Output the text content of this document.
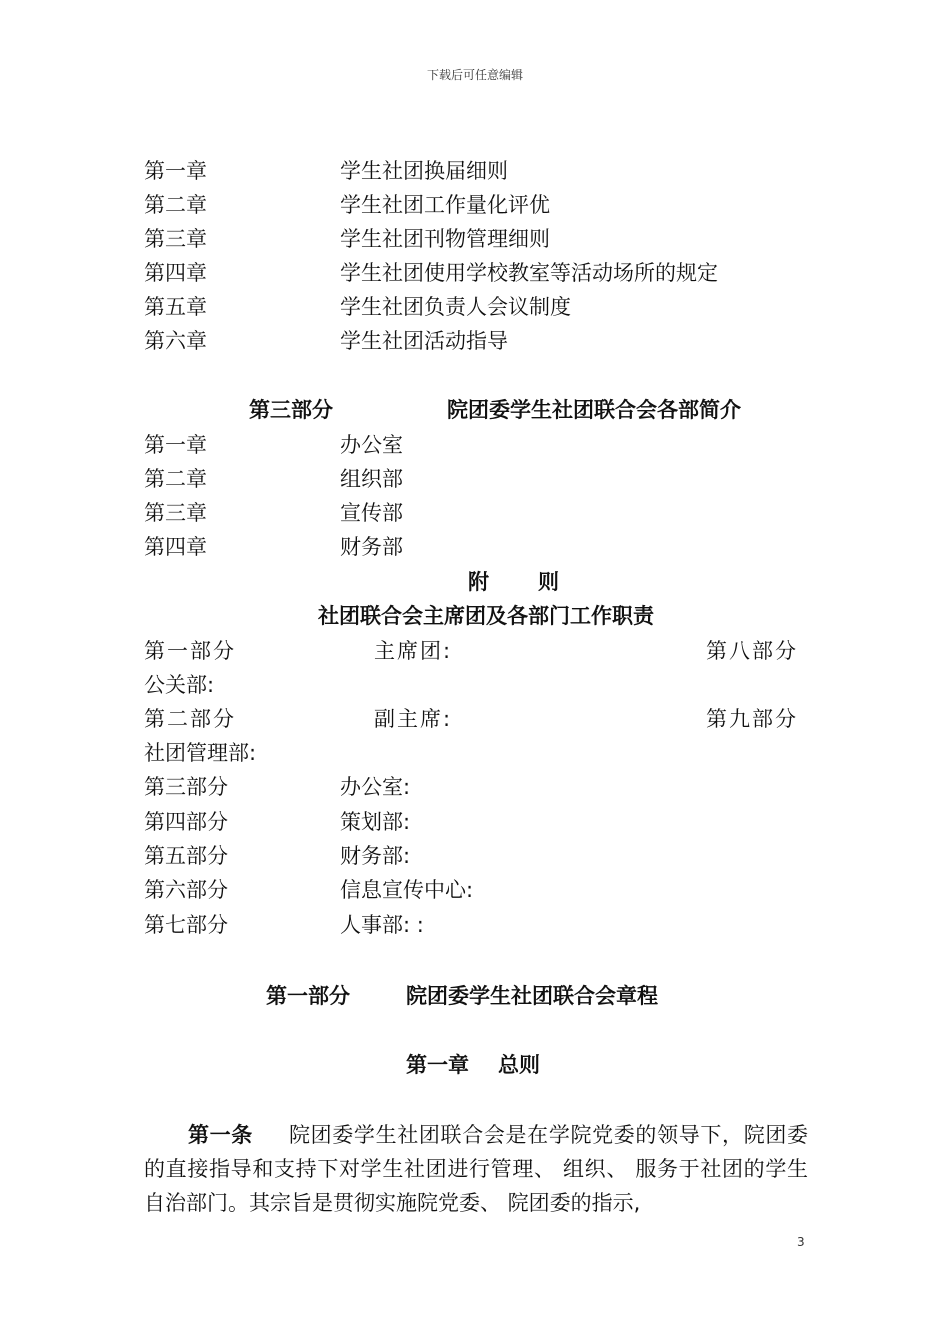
下载后可任意编辑
第一章	学生社团换届细则
第二章	学生社团工作量化评优
第三章	学生社团刊物管理细则
第四章	学生社团使用学校教室等活动场所的规定
第五章	学生社团负责人会议制度
第六章	学生社团活动指导
第三部分	院团委学生社团联合会各部简介
第一章	办公室
第二章	组织部
第三章	宣传部
第四章	财务部
附 则
社团联合会主席团及各部门工作职责
第一部分	主席团:	第八部分
公关部:
第二部分	副主席:	第九部分
社团管理部:
第三部分	办公室:
第四部分	策划部:
第五部分	财务部:
第六部分	信息宣传中心:
第七部分	人事部: :
第一部分	院团委学生社团联合会章程
第一章 总则
第一条 院团委学生社团联合会是在学院党委的领导下，院团委的直接指导和支持下对学生社团进行管理、 组织、 服务于社团的学生自治部门。其宗旨是贯彻实施院党委、 院团委的指示,
3
